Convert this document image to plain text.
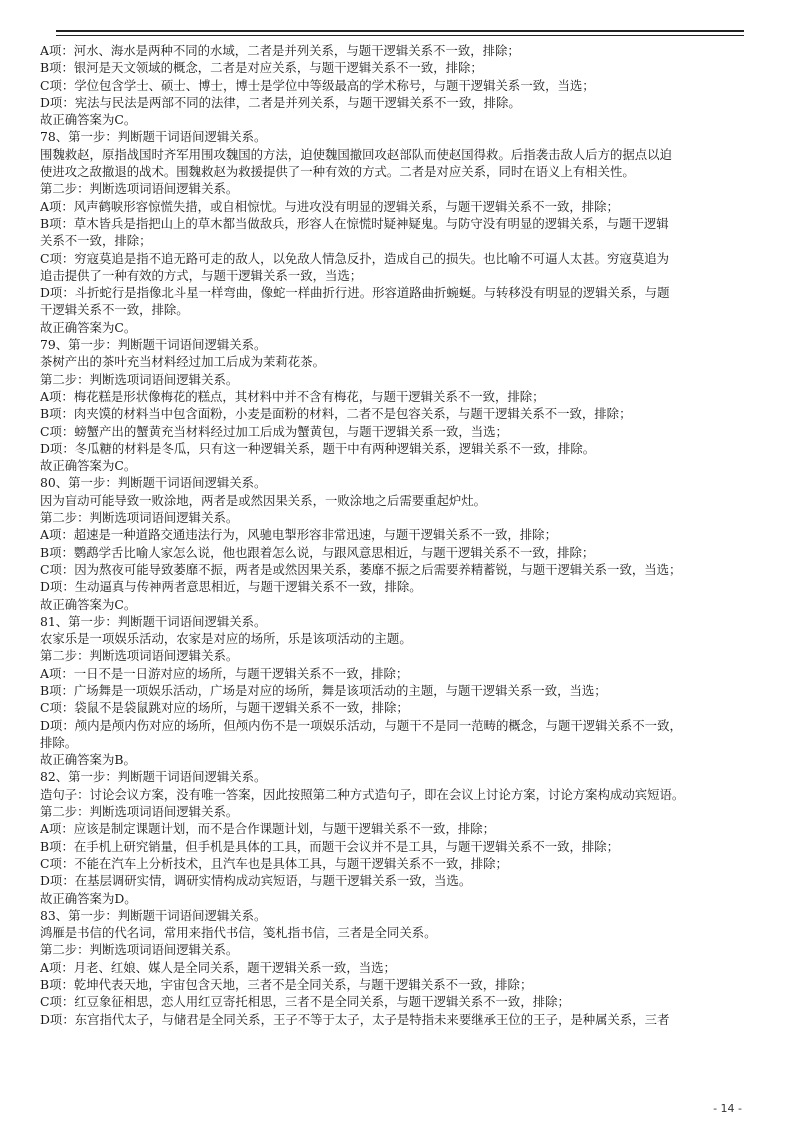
A项：河水、海水是两种不同的水域，二者是并列关系，与题干逻辑关系不一致，排除；
B项：银河是天文领域的概念，二者是对应关系，与题干逻辑关系不一致，排除；
C项：学位包含学士、硕士、博士，博士是学位中等级最高的学术称号，与题干逻辑关系一致，当选；
D项：宪法与民法是两部不同的法律，二者是并列关系，与题干逻辑关系不一致，排除。
故正确答案为C。
78、第一步：判断题干词语间逻辑关系。
围魏救赵，原指战国时齐军用围攻魏国的方法，迫使魏国撤回攻赵部队而使赵国得救。后指袭击敌人后方的据点以迫
使进攻之敌撤退的战术。围魏救赵为救援提供了一种有效的方式。二者是对应关系，同时在语义上有相关性。
第二步：判断选项词语间逻辑关系。
A项：风声鹤唳形容惊慌失措，或自相惊忧。与进攻没有明显的逻辑关系，与题干逻辑关系不一致，排除；
B项：草木皆兵是指把山上的草木都当做敌兵，形容人在惊慌时疑神疑鬼。与防守没有明显的逻辑关系，与题干逻辑
关系不一致，排除；
C项：穷寇莫追是指不追无路可走的敌人，以免敌人情急反扑，造成自己的损失。也比喻不可逼人太甚。穷寇莫追为
追击提供了一种有效的方式，与题干逻辑关系一致，当选；
D项：斗折蛇行是指像北斗星一样弯曲，像蛇一样曲折行进。形容道路曲折蜿蜒。与转移没有明显的逻辑关系，与题
干逻辑关系不一致，排除。
故正确答案为C。
79、第一步：判断题干词语间逻辑关系。
茶树产出的茶叶充当材料经过加工后成为茉莉花茶。
第二步：判断选项词语间逻辑关系。
A项：梅花糕是形状像梅花的糕点，其材料中并不含有梅花，与题干逻辑关系不一致，排除；
B项：肉夹馍的材料当中包含面粉，小麦是面粉的材料，二者不是包容关系，与题干逻辑关系不一致，排除；
C项：螃蟹产出的蟹黄充当材料经过加工后成为蟹黄包，与题干逻辑关系一致，当选；
D项：冬瓜糖的材料是冬瓜，只有这一种逻辑关系，题干中有两种逻辑关系，逻辑关系不一致，排除。
故正确答案为C。
80、第一步：判断题干词语间逻辑关系。
因为盲动可能导致一败涂地，两者是或然因果关系，一败涂地之后需要重起炉灶。
第二步：判断选项词语间逻辑关系。
A项：超速是一种道路交通违法行为，风驰电掣形容非常迅速，与题干逻辑关系不一致，排除；
B项：鹦鹉学舌比喻人家怎么说，他也跟着怎么说，与跟风意思相近，与题干逻辑关系不一致，排除；
C项：因为熬夜可能导致萎靡不振，两者是或然因果关系，萎靡不振之后需要养精蓄锐，与题干逻辑关系一致，当选；
D项：生动逼真与传神两者意思相近，与题干逻辑关系不一致，排除。
故正确答案为C。
81、第一步：判断题干词语间逻辑关系。
农家乐是一项娱乐活动，农家是对应的场所，乐是该项活动的主题。
第二步：判断选项词语间逻辑关系。
A项：一日不是一日游对应的场所，与题干逻辑关系不一致，排除；
B项：广场舞是一项娱乐活动，广场是对应的场所，舞是该项活动的主题，与题干逻辑关系一致，当选；
C项：袋鼠不是袋鼠跳对应的场所，与题干逻辑关系不一致，排除；
D项：颅内是颅内伤对应的场所，但颅内伤不是一项娱乐活动，与题干不是同一范畴的概念，与题干逻辑关系不一致，
排除。
故正确答案为B。
82、第一步：判断题干词语间逻辑关系。
造句子：讨论会议方案，没有唯一答案，因此按照第二种方式造句子，即在会议上讨论方案，讨论方案构成动宾短语。
第二步：判断选项词语间逻辑关系。
A项：应该是制定课题计划，而不是合作课题计划，与题干逻辑关系不一致，排除；
B项：在手机上研究销量，但手机是具体的工具，而题干会议并不是工具，与题干逻辑关系不一致，排除；
C项：不能在汽车上分析技术，且汽车也是具体工具，与题干逻辑关系不一致，排除；
D项：在基层调研实情，调研实情构成动宾短语，与题干逻辑关系一致，当选。
故正确答案为D。
83、第一步：判断题干词语间逻辑关系。
鸿雁是书信的代名词，常用来指代书信，笺札指书信，三者是全同关系。
第二步：判断选项词语间逻辑关系。
A项：月老、红娘、媒人是全同关系，题干逻辑关系一致，当选；
B项：乾坤代表天地，宇宙包含天地，三者不是全同关系，与题干逻辑关系不一致，排除；
C项：红豆象征相思，恋人用红豆寄托相思，三者不是全同关系，与题干逻辑关系不一致，排除；
D项：东宫指代太子，与储君是全同关系，王子不等于太子，太子是特指未来要继承王位的王子，是种属关系，三者
- 14 -
